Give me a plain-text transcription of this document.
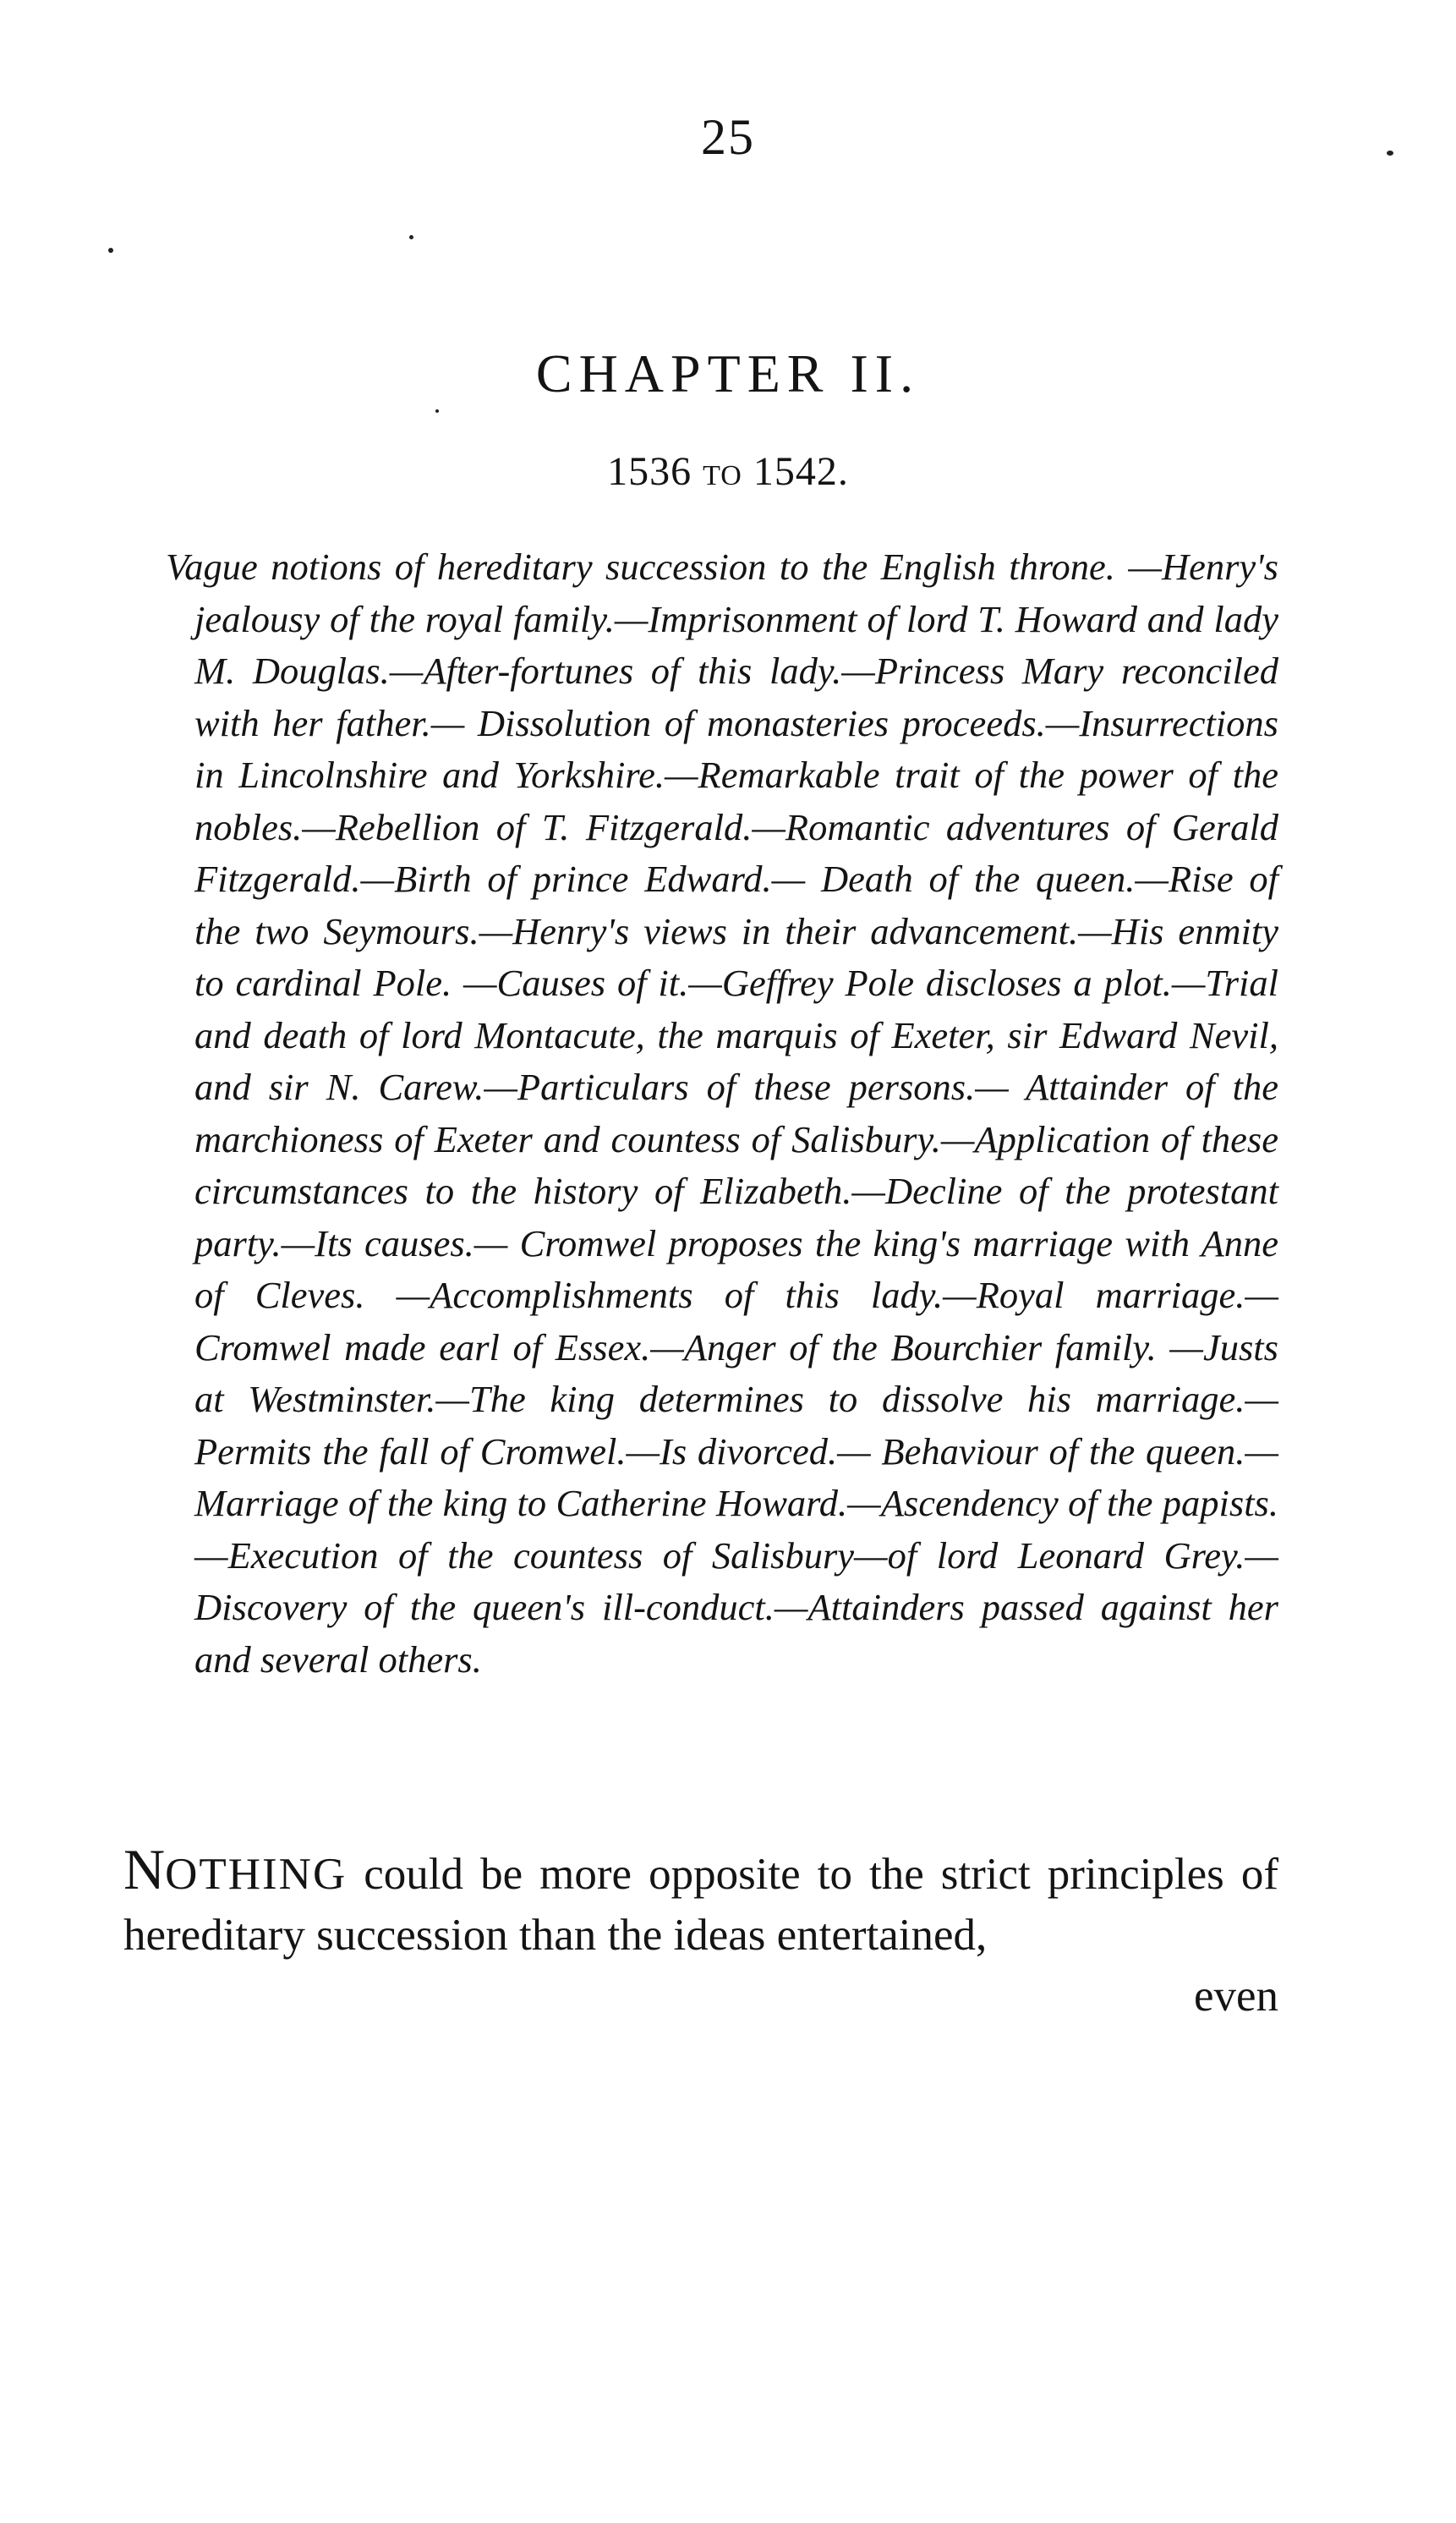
25
CHAPTER II.
1536 TO 1542.

Vague notions of hereditary succession to the English throne. —Henry's jealousy of the royal family.—Imprisonment of lord T. Howard and lady M. Douglas.—After-fortunes of this lady.—Princess Mary reconciled with her father.— Dissolution of monasteries proceeds.—Insurrections in Lincolnshire and Yorkshire.—Remarkable trait of the power of the nobles.—Rebellion of T. Fitzgerald.—Romantic adventures of Gerald Fitzgerald.—Birth of prince Edward.— Death of the queen.—Rise of the two Seymours.—Henry's views in their advancement.—His enmity to cardinal Pole. —Causes of it.—Geffrey Pole discloses a plot.—Trial and death of lord Montacute, the marquis of Exeter, sir Edward Nevil, and sir N. Carew.—Particulars of these persons.— Attainder of the marchioness of Exeter and countess of Salisbury.—Application of these circumstances to the history of Elizabeth.—Decline of the protestant party.—Its causes.— Cromwel proposes the king's marriage with Anne of Cleves. —Accomplishments of this lady.—Royal marriage.—Cromwel made earl of Essex.—Anger of the Bourchier family. —Justs at Westminster.—The king determines to dissolve his marriage.—Permits the fall of Cromwel.—Is divorced.— Behaviour of the queen.—Marriage of the king to Catherine Howard.—Ascendency of the papists.—Execution of the countess of Salisbury—of lord Leonard Grey.—Discovery of the queen's ill-conduct.—Attainders passed against her and several others.

NOTHING could be more opposite to the strict principles of hereditary succession than the ideas entertained,

even
